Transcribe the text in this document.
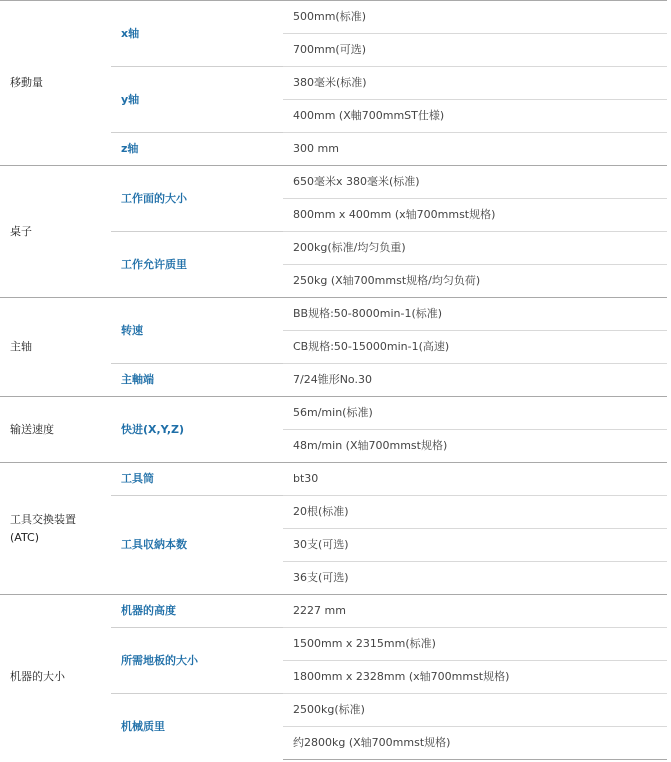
移動量	x轴	500mm(标准)
		700mm(可选)
	y轴	380毫米(标准)
		400mm (X軸700mmST仕様)
	z轴	300 mm
桌子	工作面的大小	650毫米x 380毫米(标准)
		800mm x 400mm (x轴700mmst规格)
	工作允许质里	200kg(标准/均匀负重)
		250kg (X轴700mmst规格/均匀负荷)
主轴	转速	BB规格:50-8000min-1(标准)
		CB规格:50-15000min-1(高速)
	主軸端	7/24锥形No.30
输送速度	快进(X,Y,Z)	56m/min(标准)
		48m/min (X轴700mmst规格)

工具交換装置
(ATC)	工具筒	bt30
	工具収納本数	20根(标准)
		30支(可选)
		36支(可选)
机器的大小	机器的高度	2227 mm
	所需地板的大小	1500mm x 2315mm(标准)
		1800mm x 2328mm (x轴700mmst规格)
	机械质里	2500kg(标准)
		约2800kg (X轴700mmst规格)
